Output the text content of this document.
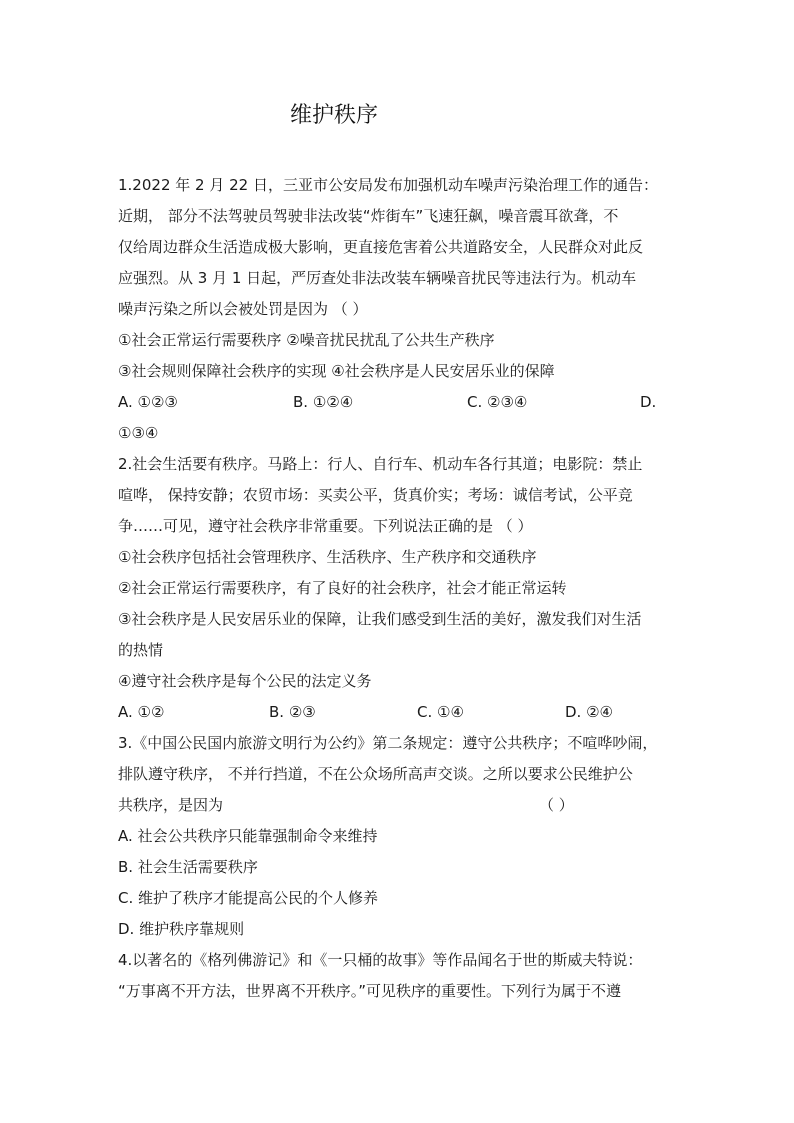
维护秩序
1.2022 年 2 月 22 日，三亚市公安局发布加强机动车噪声污染治理工作的通告：
近期， 部分不法驾驶员驾驶非法改装“炸街车”飞速狂飙，噪音震耳欲聋，不
仅给周边群众生活造成极大影响，更直接危害着公共道路安全，人民群众对此反
应强烈。从 3 月 1 日起，严厉查处非法改装车辆噪音扰民等违法行为。机动车
噪声污染之所以会被处罚是因为 （ ）
①社会正常运行需要秩序 ②噪音扰民扰乱了公共生产秩序
③社会规则保障社会秩序的实现 ④社会秩序是人民安居乐业的保障
A. ①②③	B. ①②④	C. ②③④	D.
①③④
2.社会生活要有秩序。马路上：行人、自行车、机动车各行其道；电影院：禁止
喧哗， 保持安静；农贸市场：买卖公平，货真价实；考场：诚信考试，公平竞
争……可见，遵守社会秩序非常重要。下列说法正确的是 （ ）
①社会秩序包括社会管理秩序、生活秩序、生产秩序和交通秩序
②社会正常运行需要秩序，有了良好的社会秩序，社会才能正常运转
③社会秩序是人民安居乐业的保障，让我们感受到生活的美好，激发我们对生活
的热情
④遵守社会秩序是每个公民的法定义务
A. ①②	B. ②③	C. ①④	D. ②④
3.《中国公民国内旅游文明行为公约》第二条规定：遵守公共秩序；不喧哗吵闹，
排队遵守秩序， 不并行挡道，不在公众场所高声交谈。之所以要求公民维护公
共秩序，是因为	（ ）
A. 社会公共秩序只能靠强制命令来维持
B. 社会生活需要秩序
C. 维护了秩序才能提高公民的个人修养
D. 维护秩序靠规则
4.以著名的《格列佛游记》和《一只桶的故事》等作品闻名于世的斯威夫特说：
“万事离不开方法，世界离不开秩序。”可见秩序的重要性。下列行为属于不遵
